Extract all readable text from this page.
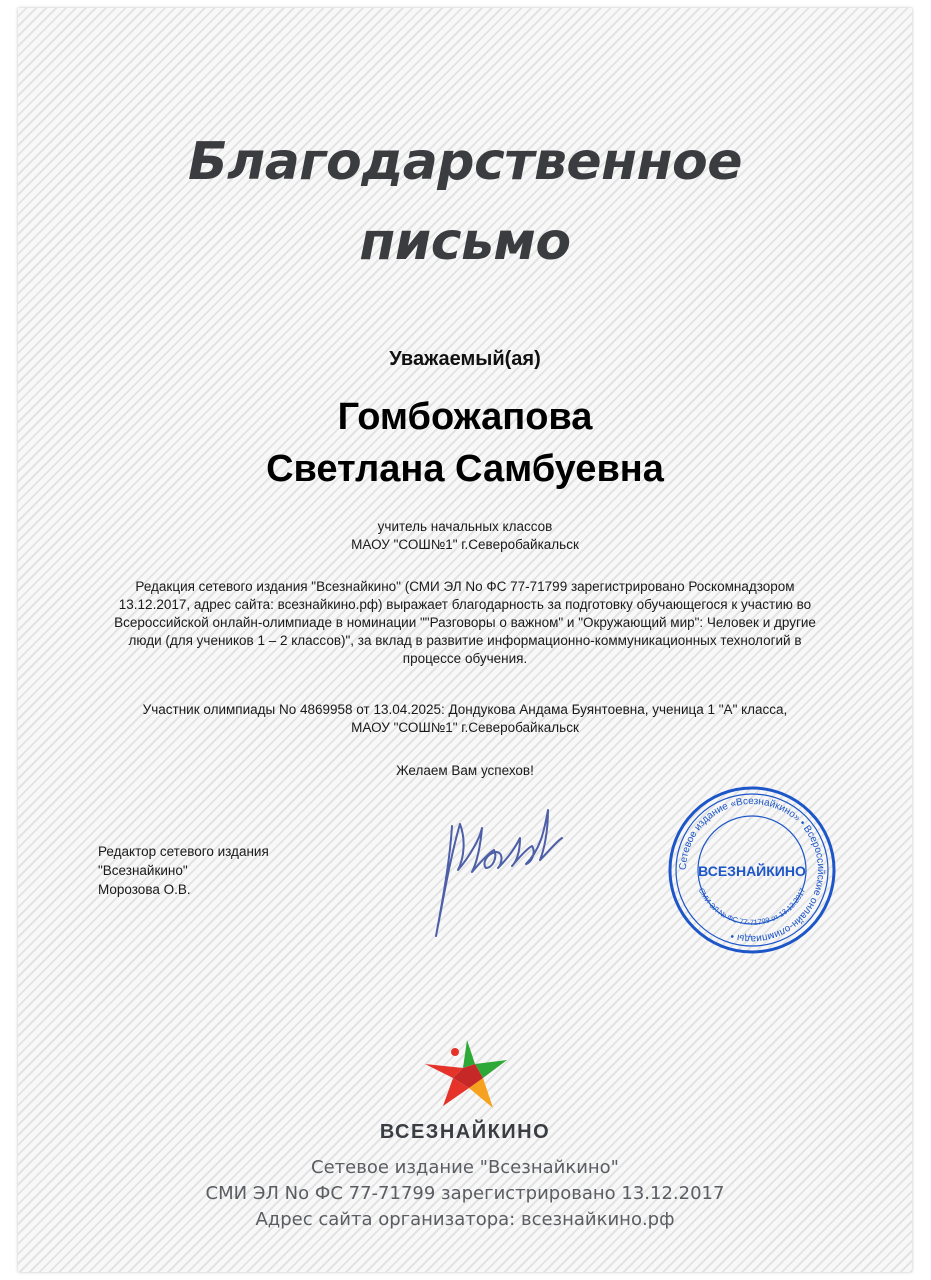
Благодарственное
письмо
Уважаемый(ая)
Гомбожапова
Светлана Самбуевна
учитель начальных классов
МАОУ "СОШ№1" г.Северобайкальск
Редакция сетевого издания "Всезнайкино" (СМИ ЭЛ No ФС 77-71799 зарегистрировано Роскомнадзором 13.12.2017, адрес сайта: всезнайкино.рф) выражает благодарность за подготовку обучающегося к участию во Всероссийской онлайн-олимпиаде в номинации ""Разговоры о важном" и "Окружающий мир": Человек и другие люди (для учеников 1 – 2 классов)", за вклад в развитие информационно-коммуникационных технологий в процессе обучения.
Участник олимпиады No 4869958 от 13.04.2025: Дондукова Андама Буянтоевна, ученица 1 "А" класса,
МАОУ "СОШ№1" г.Северобайкальск
Желаем Вам успехов!
Редактор сетевого издания
"Всезнайкино"
Морозова О.В.
Сетевое издание «Всезнайкино» • Всероссийские онлайн-олимпиады •
ВСЕЗНАЙКИНО
СМИ ЭЛ № ФС 77-71799 от 13.12.2017
ВСЕЗНАЙКИНО
Сетевое издание "Всезнайкино"
СМИ ЭЛ No ФС 77-71799 зарегистрировано 13.12.2017
Адрес сайта организатора: всезнайкино.рф
